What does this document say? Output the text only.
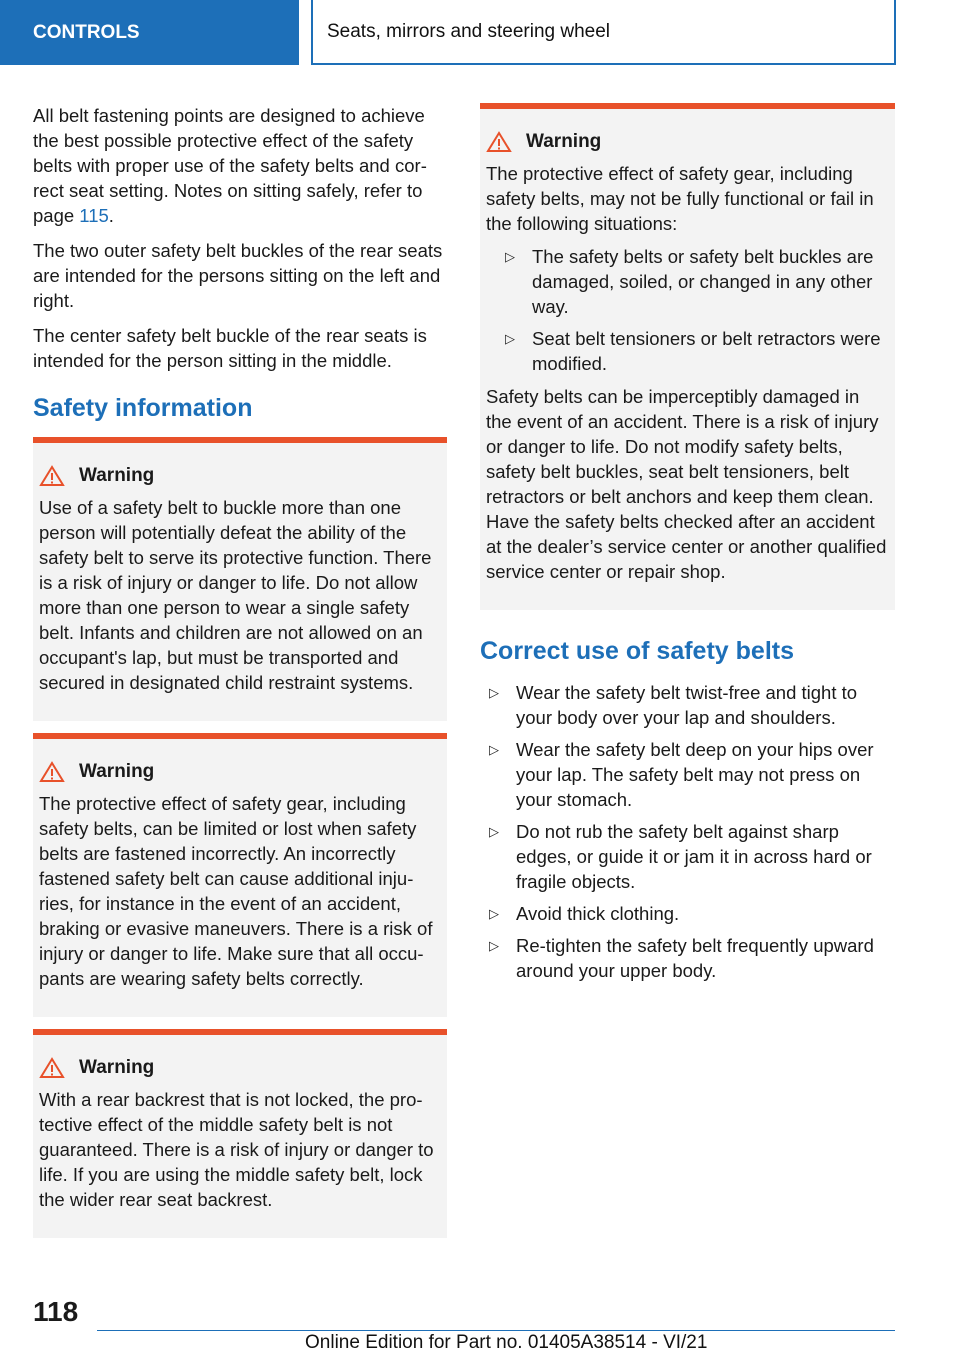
CONTROLS	Seats, mirrors and steering wheel

All belt fastening points are designed to achieve the best possible protective effect of the safety belts with proper use of the safety belts and correct seat setting. Notes on sitting safely, refer to page 115.

The two outer safety belt buckles of the rear seats are intended for the persons sitting on the left and right.

The center safety belt buckle of the rear seats is intended for the person sitting in the middle.

Safety information
Warning

Use of a safety belt to buckle more than one person will potentially defeat the ability of the safety belt to serve its protective function. There is a risk of injury or danger to life. Do not allow more than one person to wear a single safety belt. Infants and children are not allowed on an occupant's lap, but must be transported and secured in designated child restraint systems.

Warning

The protective effect of safety gear, including safety belts, can be limited or lost when safety belts are fastened incorrectly. An incorrectly fastened safety belt can cause additional injuries, for instance in the event of an accident, braking or evasive maneuvers. There is a risk of injury or danger to life. Make sure that all occupants are wearing safety belts correctly.

Warning

With a rear backrest that is not locked, the protective effect of the middle safety belt is not guaranteed. There is a risk of injury or danger to life. If you are using the middle safety belt, lock the wider rear seat backrest.

Warning

The protective effect of safety gear, including safety belts, may not be fully functional or fail in the following situations:

▷ The safety belts or safety belt buckles are damaged, soiled, or changed in any other way.
▷ Seat belt tensioners or belt retractors were modified.

Safety belts can be imperceptibly damaged in the event of an accident. There is a risk of injury or danger to life. Do not modify safety belts, safety belt buckles, seat belt tensioners, belt retractors or belt anchors and keep them clean. Have the safety belts checked after an accident at the dealer’s service center or another qualified service center or repair shop.

Correct use of safety belts
▷ Wear the safety belt twist-free and tight to your body over your lap and shoulders.
▷ Wear the safety belt deep on your hips over your lap. The safety belt may not press on your stomach.
▷ Do not rub the safety belt against sharp edges, or guide it or jam it in across hard or fragile objects.
▷ Avoid thick clothing.
▷ Re-tighten the safety belt frequently upward around your upper body.
118
Online Edition for Part no. 01405A38514 - VI/21
